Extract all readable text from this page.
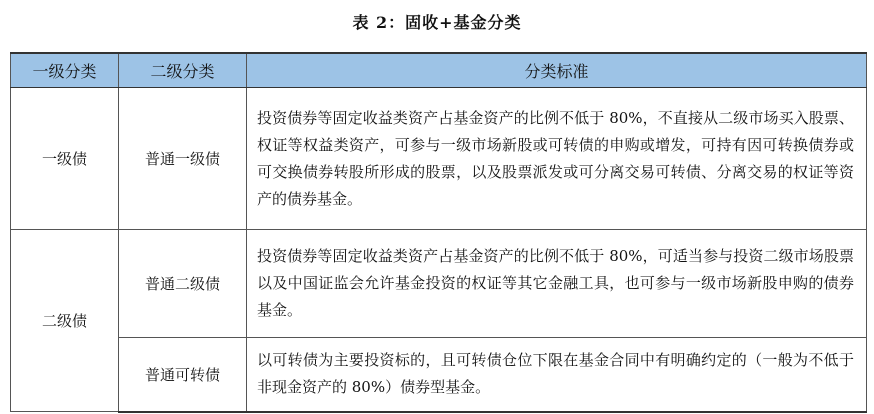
表 2：固收+基金分类
一级分类	二级分类	分类标准
一级债	普通一级债	投资债券等固定收益类资产占基金资产的比例不低于 80%，不直接从二级市场买入股票、权证等权益类资产，可参与一级市场新股或可转债的申购或增发，可持有因可转换债券或可交换债券转股所形成的股票，以及股票派发或可分离交易可转债、分离交易的权证等资产的债券基金。
二级债	普通二级债	投资债券等固定收益类资产占基金资产的比例不低于 80%，可适当参与投资二级市场股票以及中国证监会允许基金投资的权证等其它金融工具，也可参与一级市场新股申购的债券基金。
	普通可转债	以可转债为主要投资标的，且可转债仓位下限在基金合同中有明确约定的（一般为不低于非现金资产的 80%）债券型基金。
